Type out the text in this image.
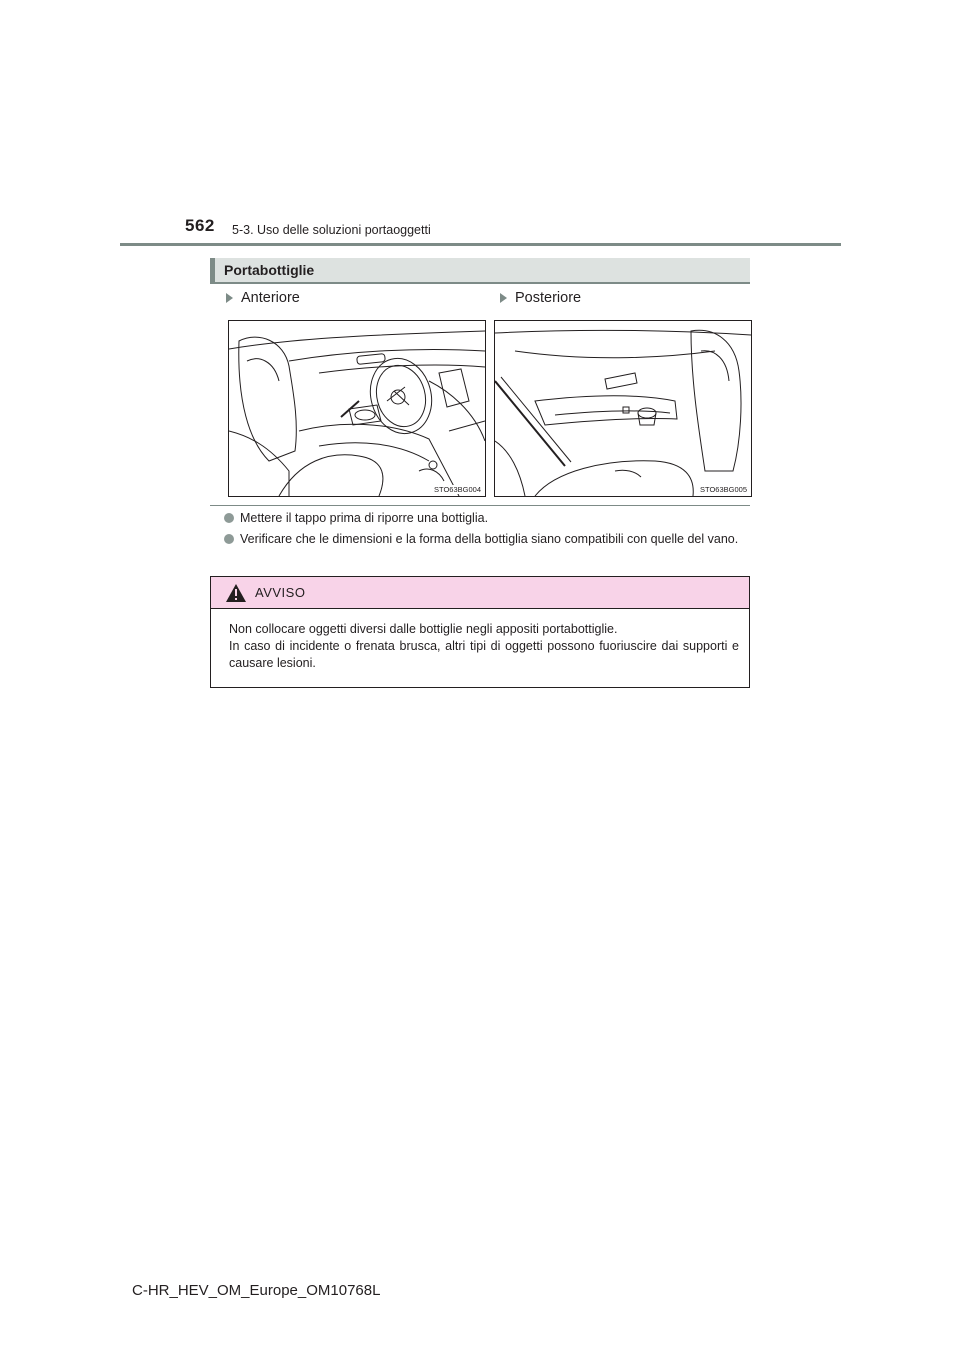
562 5-3. Uso delle soluzioni portaoggetti
Portabottiglie
Anteriore	Posteriore
STO63BG004	STO63BG005
Mettere il tappo prima di riporre una bottiglia.
Verificare che le dimensioni e la forma della bottiglia siano compatibili con quelle del vano.
AVVISO
Non collocare oggetti diversi dalle bottiglie negli appositi portabottiglie.
In caso di incidente o frenata brusca, altri tipi di oggetti possono fuoriuscire dai supporti e causare lesioni.
C-HR_HEV_OM_Europe_OM10768L
